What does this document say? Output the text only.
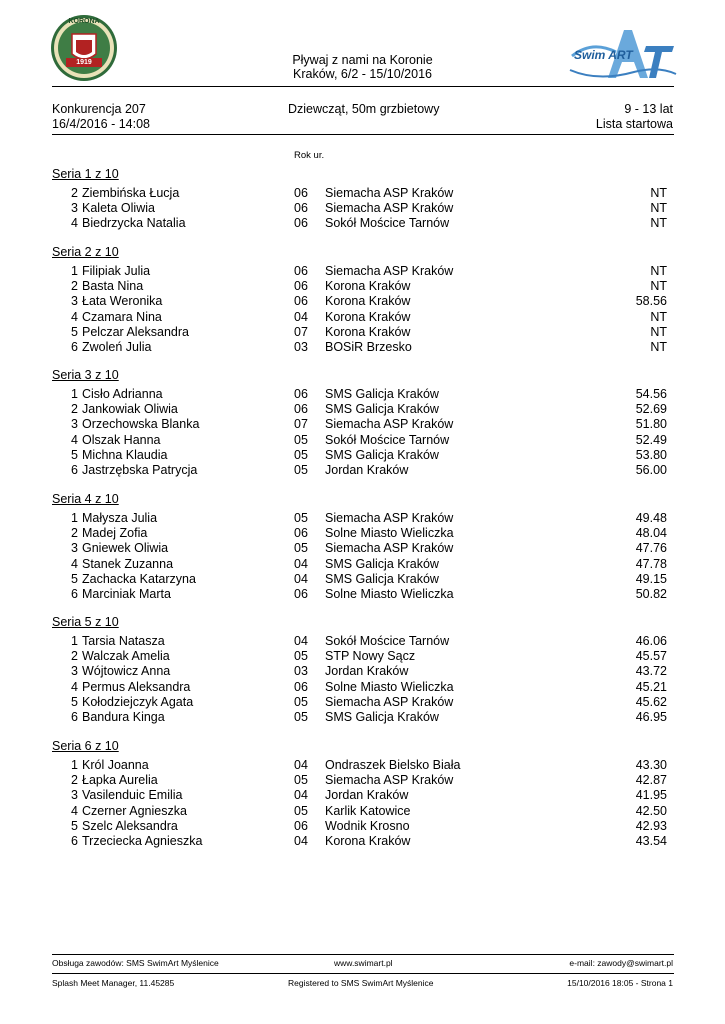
KORONA
1919
Swim ART
Pływaj z nami na Koronie
Kraków, 6/2 - 15/10/2016
Konkurencja 207
16/4/2016 - 14:08
Dziewcząt, 50m grzbietowy	9 - 13 lat
Lista startowa
Rok ur.
Seria 1 z 10
2 Ziembińska Łucja	06 Siemacha ASP Kraków	NT
3 Kaleta Oliwia	06 Siemacha ASP Kraków	NT
4 Biedrzycka Natalia	06 Sokół Mościce Tarnów	NT
Seria 2 z 10
1 Filipiak Julia	06 Siemacha ASP Kraków	NT
2 Basta Nina	06 Korona Kraków	NT
3 Łata Weronika	06 Korona Kraków	58.56
4 Czamara Nina	04 Korona Kraków	NT
5 Pelczar Aleksandra	07 Korona Kraków	NT
6 Zwoleń Julia	03 BOSiR Brzesko	NT
Seria 3 z 10
1 Cisło Adrianna	06 SMS Galicja Kraków	54.56
2 Jankowiak Oliwia	06 SMS Galicja Kraków	52.69
3 Orzechowska Blanka	07 Siemacha ASP Kraków	51.80
4 Olszak Hanna	05 Sokół Mościce Tarnów	52.49
5 Michna Klaudia	05 SMS Galicja Kraków	53.80
6 Jastrzębska Patrycja	05 Jordan Kraków	56.00
Seria 4 z 10
1 Małysza Julia	05 Siemacha ASP Kraków	49.48
2 Madej Zofia	06 Solne Miasto Wieliczka	48.04
3 Gniewek Oliwia	05 Siemacha ASP Kraków	47.76
4 Stanek Zuzanna	04 SMS Galicja Kraków	47.78
5 Zachacka Katarzyna	04 SMS Galicja Kraków	49.15
6 Marciniak Marta	06 Solne Miasto Wieliczka	50.82
Seria 5 z 10
1 Tarsia Natasza	04 Sokół Mościce Tarnów	46.06
2 Walczak Amelia	05 STP Nowy Sącz	45.57
3 Wójtowicz Anna	03 Jordan Kraków	43.72
4 Permus Aleksandra	06 Solne Miasto Wieliczka	45.21
5 Kołodziejczyk Agata	05 Siemacha ASP Kraków	45.62
6 Bandura Kinga	05 SMS Galicja Kraków	46.95
Seria 6 z 10
1 Król Joanna	04 Ondraszek Bielsko Biała	43.30
2 Łapka Aurelia	05 Siemacha ASP Kraków	42.87
3 Vasilenduic Emilia	04 Jordan Kraków	41.95
4 Czerner Agnieszka	05 Karlik Katowice	42.50
5 Szelc Aleksandra	06 Wodnik Krosno	42.93
6 Trzeciecka Agnieszka	04 Korona Kraków	43.54
Obsługa zawodów: SMS SwimArt Myślenice	www.swimart.pl	e-mail: zawody@swimart.pl
Splash Meet Manager, 11.45285	Registered to SMS SwimArt Myślenice	15/10/2016 18:05 - Strona 1
